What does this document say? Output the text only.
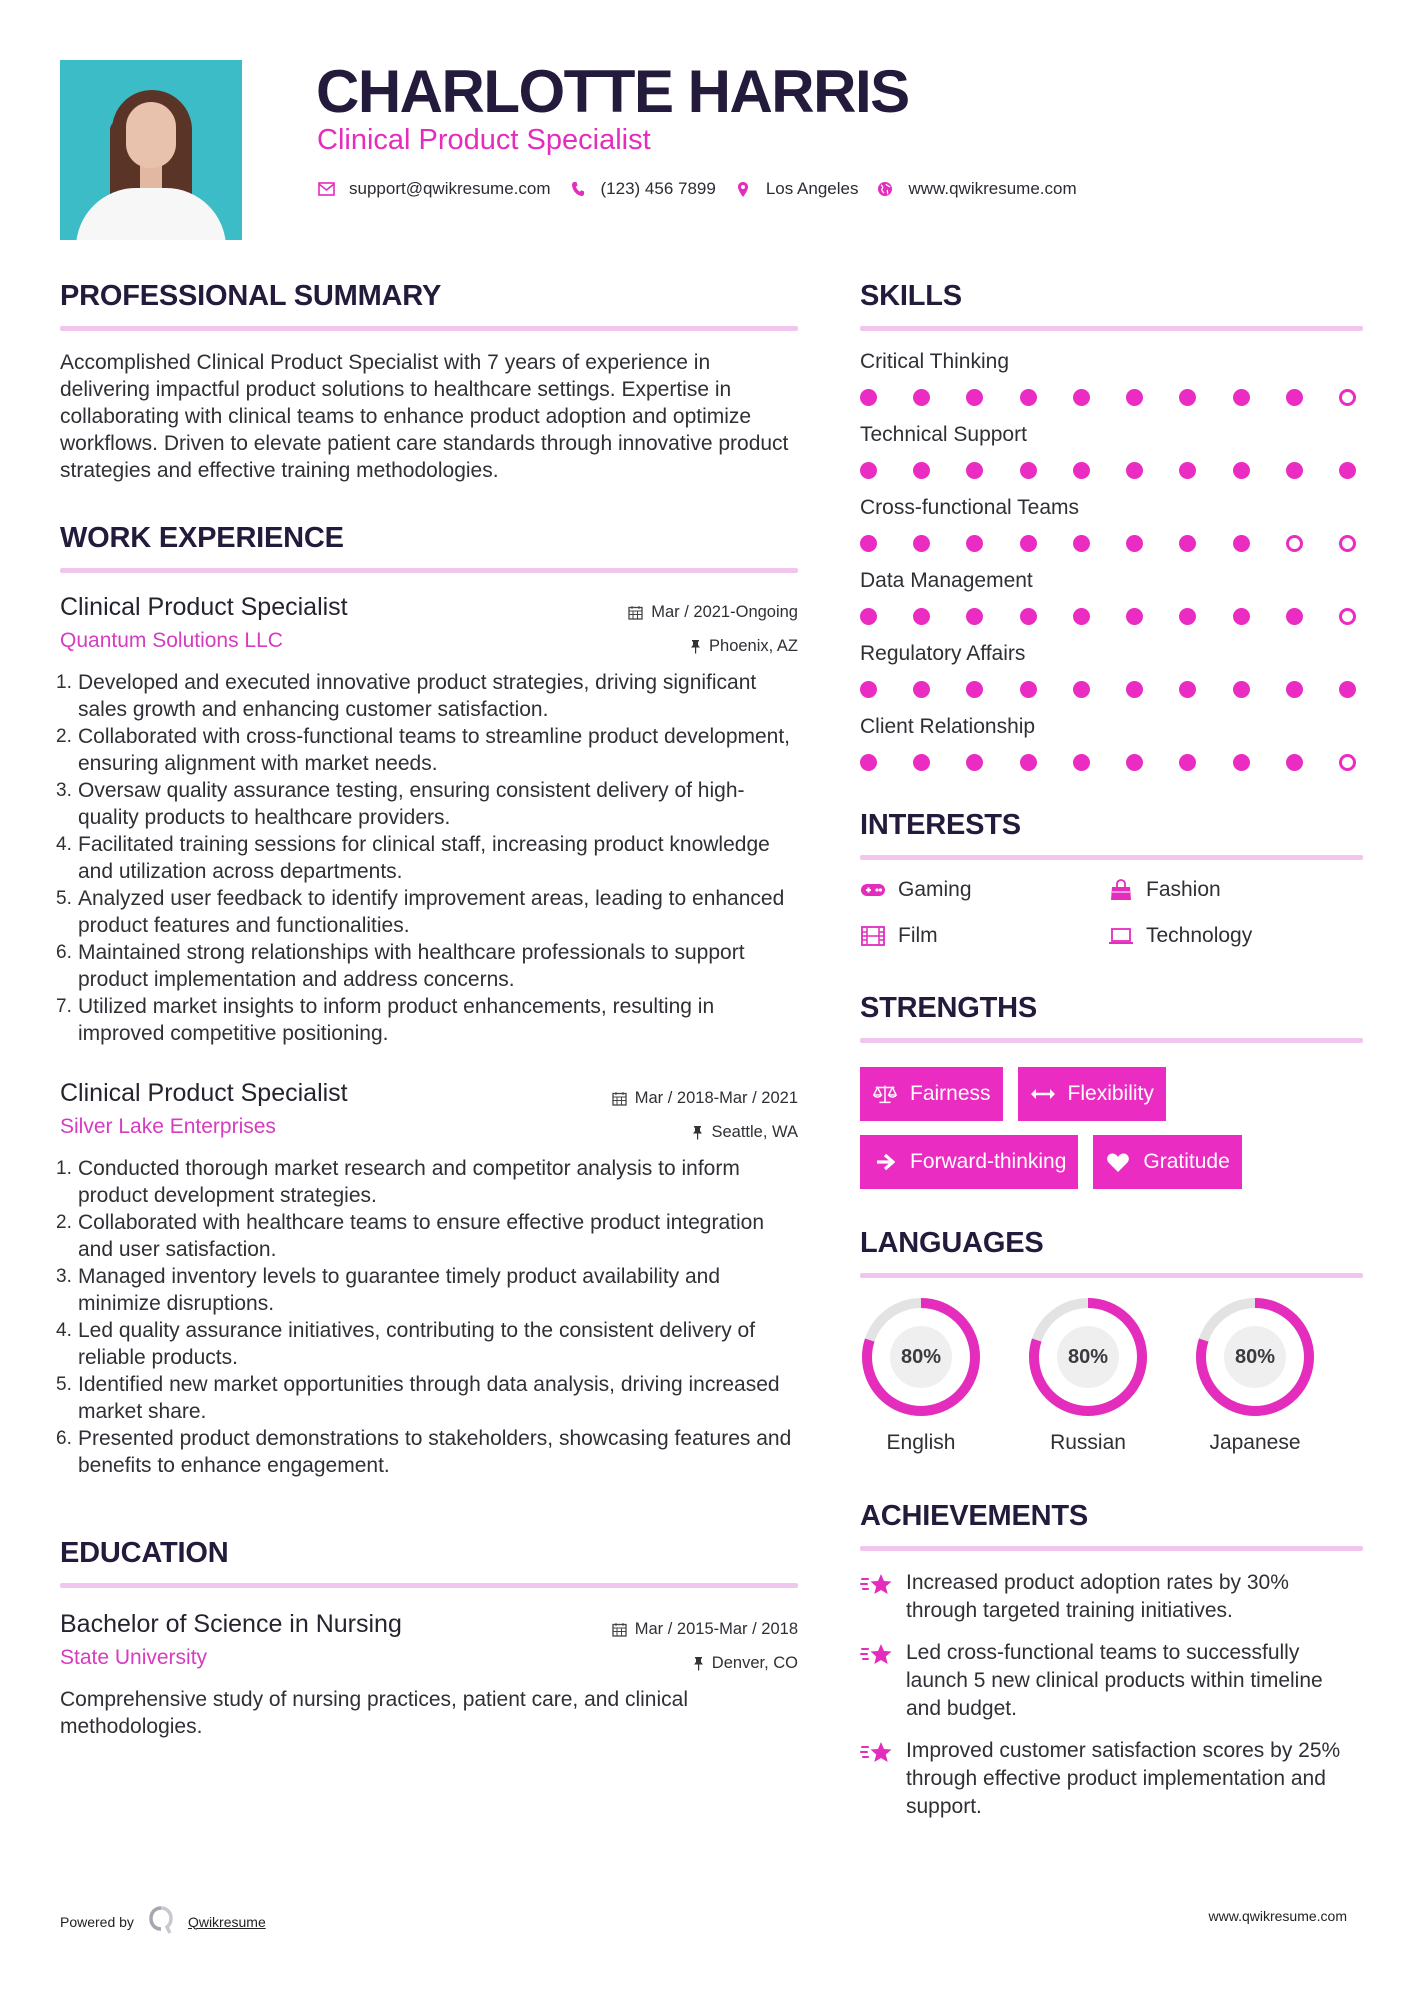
CHARLOTTE HARRIS
Clinical Product Specialist
support@qwikresume.com	(123) 456 7899	Los Angeles	www.qwikresume.com
PROFESSIONAL SUMMARY

Accomplished Clinical Product Specialist with 7 years of experience in delivering impactful product solutions to healthcare settings. Expertise in collaborating with clinical teams to enhance product adoption and optimize workflows. Driven to elevate patient care standards through innovative product strategies and effective training methodologies.

WORK EXPERIENCE
Clinical Product Specialist
Quantum Solutions LLC
Mar / 2021-Ongoing
Phoenix, AZ
Developed and executed innovative product strategies, driving significant sales growth and enhancing customer satisfaction.
Collaborated with cross-functional teams to streamline product development, ensuring alignment with market needs.
Oversaw quality assurance testing, ensuring consistent delivery of high-quality products to healthcare providers.
Facilitated training sessions for clinical staff, increasing product knowledge and utilization across departments.
Analyzed user feedback to identify improvement areas, leading to enhanced product features and functionalities.
Maintained strong relationships with healthcare professionals to support product implementation and address concerns.
Utilized market insights to inform product enhancements, resulting in improved competitive positioning.
Clinical Product Specialist
Silver Lake Enterprises
Mar / 2018-Mar / 2021
Seattle, WA
Conducted thorough market research and competitor analysis to inform product development strategies.
Collaborated with healthcare teams to ensure effective product integration and user satisfaction.
Managed inventory levels to guarantee timely product availability and minimize disruptions.
Led quality assurance initiatives, contributing to the consistent delivery of reliable products.
Identified new market opportunities through data analysis, driving increased market share.
Presented product demonstrations to stakeholders, showcasing features and benefits to enhance engagement.
EDUCATION
Bachelor of Science in Nursing
State University
Mar / 2015-Mar / 2018
Denver, CO

Comprehensive study of nursing practices, patient care, and clinical methodologies.

SKILLS
Critical Thinking
Technical Support
Cross-functional Teams
Data Management
Regulatory Affairs
Client Relationship
INTERESTS
Gaming	Fashion
Film	Technology
STRENGTHS
Fairness	Flexibility
Forward-thinking	Gratitude
LANGUAGES
80%
English
80%
Russian
80%
Japanese
ACHIEVEMENTS
Increased product adoption rates by 30% through targeted training initiatives.
Led cross-functional teams to successfully launch 5 new clinical products within timeline and budget.
Improved customer satisfaction scores by 25% through effective product implementation and support.
Powered by	Qwikresume	www.qwikresume.com
